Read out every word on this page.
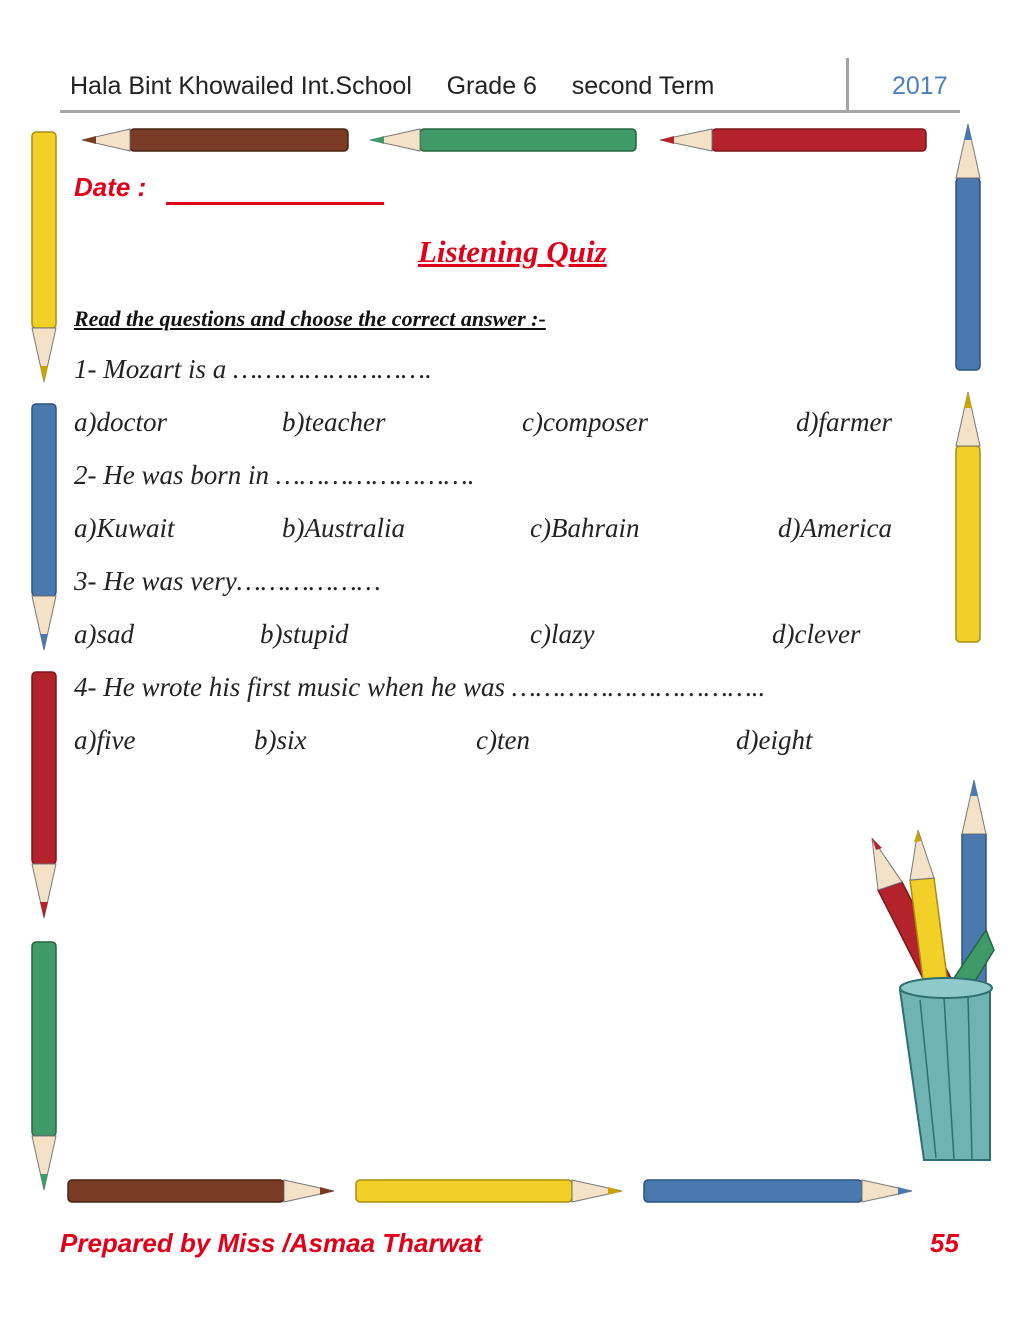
Hala Bint Khowailed Int.School Grade 6 second Term	2017
Date :
Listening Quiz
Read the questions and choose the correct answer :-
1- Mozart is a …………………….
a)doctor	b)teacher	c)composer	d)farmer
2- He was born in …………………….
a)Kuwait	b)Australia	c)Bahrain	d)America
3- He was very………………
a)sad	b)stupid	c)lazy	d)clever
4- He wrote his first music when he was …………………………..
a)five	b)six	c)ten	d)eight
Prepared by Miss /Asmaa Tharwat	55
